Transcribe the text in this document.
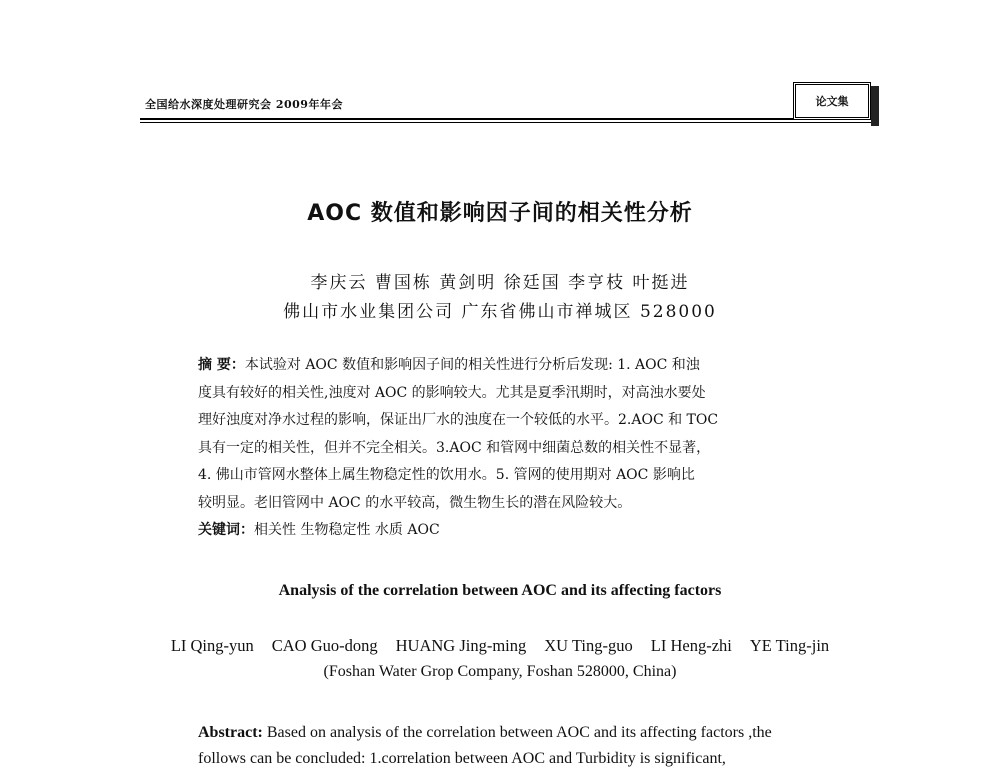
全国给水深度处理研究会 2009年年会	论文集
AOC 数值和影响因子间的相关性分析
李庆云 曹国栋 黄剑明 徐廷国 李亨枝 叶挺进
佛山市水业集团公司 广东省佛山市禅城区 528000

摘 要：本试验对 AOC 数值和影响因子间的相关性进行分析后发现: 1. AOC 和浊

度具有较好的相关性,浊度对 AOC 的影响较大。尤其是夏季汛期时，对高浊水要处

理好浊度对净水过程的影响，保证出厂水的浊度在一个较低的水平。2.AOC 和 TOC

具有一定的相关性，但并不完全相关。3.AOC 和管网中细菌总数的相关性不显著，

4. 佛山市管网水整体上属生物稳定性的饮用水。5. 管网的使用期对 AOC 影响比

较明显。老旧管网中 AOC 的水平较高，微生物生长的潜在风险较大。

关键词：相关性 生物稳定性 水质 AOC

Analysis of the correlation between AOC and its affecting factors
LI Qing-yun CAO Guo-dong HUANG Jing-ming XU Ting-guo LI Heng-zhi YE Ting-jin
(Foshan Water Grop Company, Foshan 528000, China)

Abstract: Based on analysis of the correlation between AOC and its affecting factors ,the

follows can be concluded: 1.correlation between AOC and Turbidity is significant,
